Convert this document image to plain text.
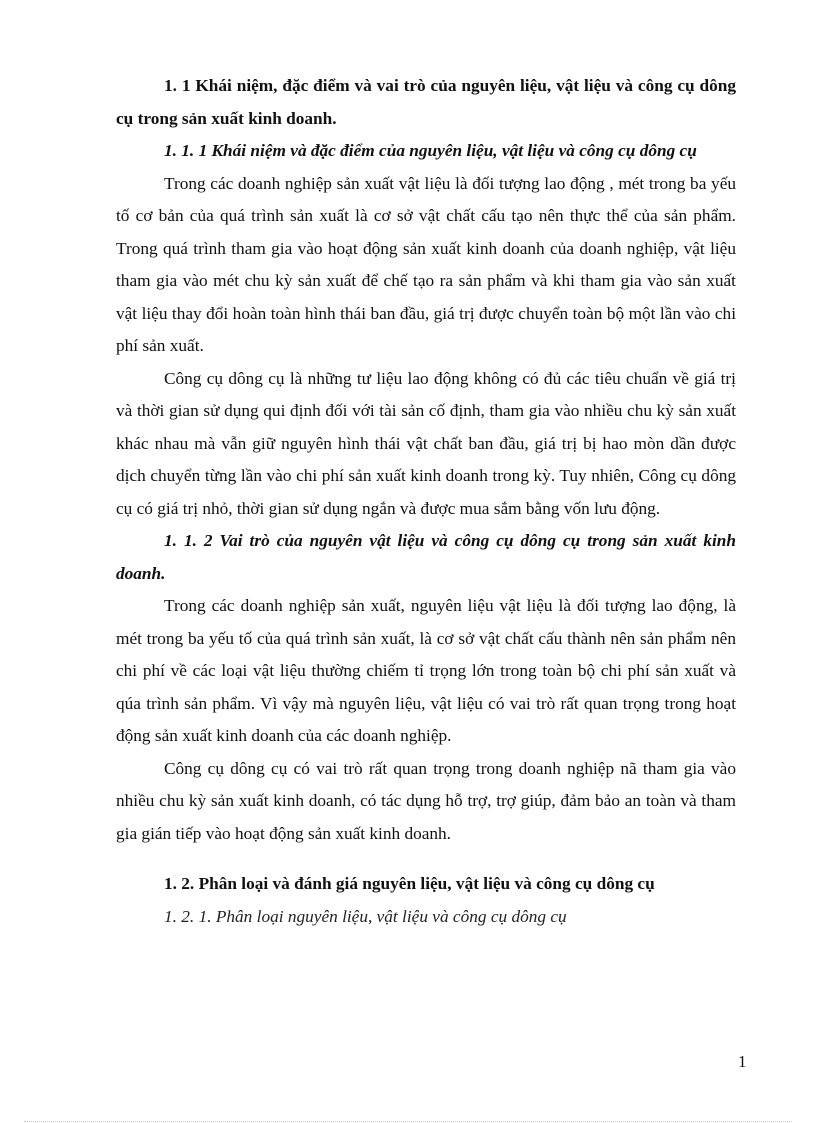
1. 1 Khái niệm, đặc điểm và vai trò của nguyên liệu, vật liệu và công cụ dông cụ trong sản xuất kinh doanh.

1. 1. 1 Khái niệm và đặc điểm của nguyên liệu, vật liệu và công cụ dông cụ

Trong các doanh nghiệp sản xuất vật liệu là đối tượng lao động , mét trong ba yếu tố cơ bản của quá trình sản xuất là cơ sở vật chất cấu tạo nên thực thể của sản phẩm. Trong quá trình tham gia vào hoạt động sản xuất kinh doanh của doanh nghiệp, vật liệu tham gia vào mét chu kỳ sản xuất để chế tạo ra sản phẩm và khi tham gia vào sản xuất vật liệu thay đổi hoàn toàn hình thái ban đầu, giá trị được chuyển toàn bộ một lần vào chi phí sản xuất.

Công cụ dông cụ là những tư liệu lao động không có đủ các tiêu chuẩn về giá trị và thời gian sử dụng qui định đối với tài sản cố định, tham gia vào nhiều chu kỳ sản xuất khác nhau mà vẫn giữ nguyên hình thái vật chất ban đầu, giá trị bị hao mòn dần được dịch chuyển từng lần vào chi phí sản xuất kinh doanh trong kỳ. Tuy nhiên, Công cụ dông cụ có giá trị nhỏ, thời gian sử dụng ngắn và được mua sắm bằng vốn lưu động.

1. 1. 2 Vai trò của nguyên vật liệu và công cụ dông cụ trong sản xuất kinh doanh.

Trong các doanh nghiệp sản xuất, nguyên liệu vật liệu là đối tượng lao động, là mét trong ba yếu tố của quá trình sản xuất, là cơ sở vật chất cấu thành nên sản phẩm nên chi phí về các loại vật liệu thường chiếm tỉ trọng lớn trong toàn bộ chi phí sản xuất và qúa trình sản phẩm. Vì vậy mà nguyên liệu, vật liệu có vai trò rất quan trọng trong hoạt động sản xuất kinh doanh của các doanh nghiệp.

Công cụ dông cụ có vai trò rất quan trọng trong doanh nghiệp nã tham gia vào nhiều chu kỳ sản xuất kinh doanh, có tác dụng hỗ trợ, trợ giúp, đảm bảo an toàn và tham gia gián tiếp vào hoạt động sản xuất kinh doanh.

1. 2. Phân loại và đánh giá nguyên liệu, vật liệu và công cụ dông cụ

1. 2. 1. Phân loại nguyên liệu, vật liệu và công cụ dông cụ

1
